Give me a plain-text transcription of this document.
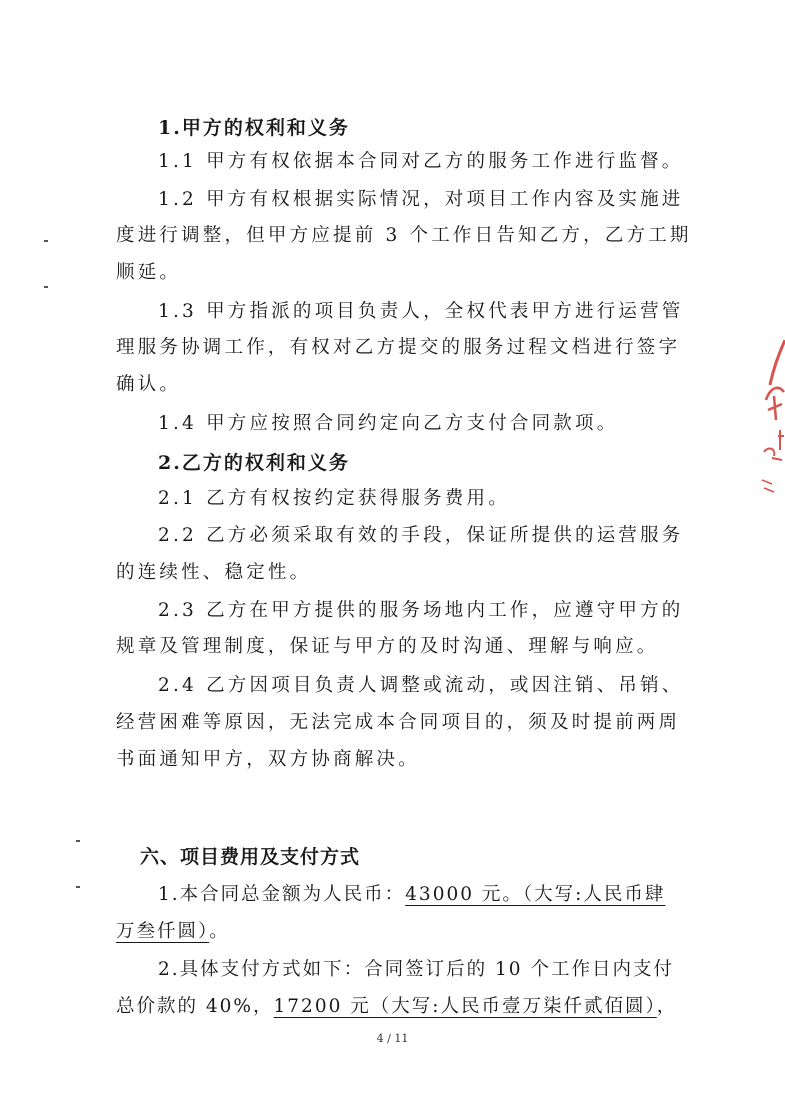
1.甲方的权利和义务
1.1 甲方有权依据本合同对乙方的服务工作进行监督。
1.2 甲方有权根据实际情况，对项目工作内容及实施进
度进行调整，但甲方应提前 3 个工作日告知乙方，乙方工期
顺延。
1.3 甲方指派的项目负责人，全权代表甲方进行运营管
理服务协调工作，有权对乙方提交的服务过程文档进行签字
确认。
1.4 甲方应按照合同约定向乙方支付合同款项。
2.乙方的权利和义务
2.1 乙方有权按约定获得服务费用。
2.2 乙方必须采取有效的手段，保证所提供的运营服务
的连续性、稳定性。
2.3 乙方在甲方提供的服务场地内工作，应遵守甲方的
规章及管理制度，保证与甲方的及时沟通、理解与响应。
2.4 乙方因项目负责人调整或流动，或因注销、吊销、
经营困难等原因，无法完成本合同项目的，须及时提前两周
书面通知甲方，双方协商解决。
六、项目费用及支付方式
1.本合同总金额为人民币：43000 元。（大写:人民币肆
万叁仟圆）。
2.具体支付方式如下：合同签订后的 10 个工作日内支付
总价款的 40%，17200 元（大写:人民币壹万柒仟贰佰圆），
4 / 11
